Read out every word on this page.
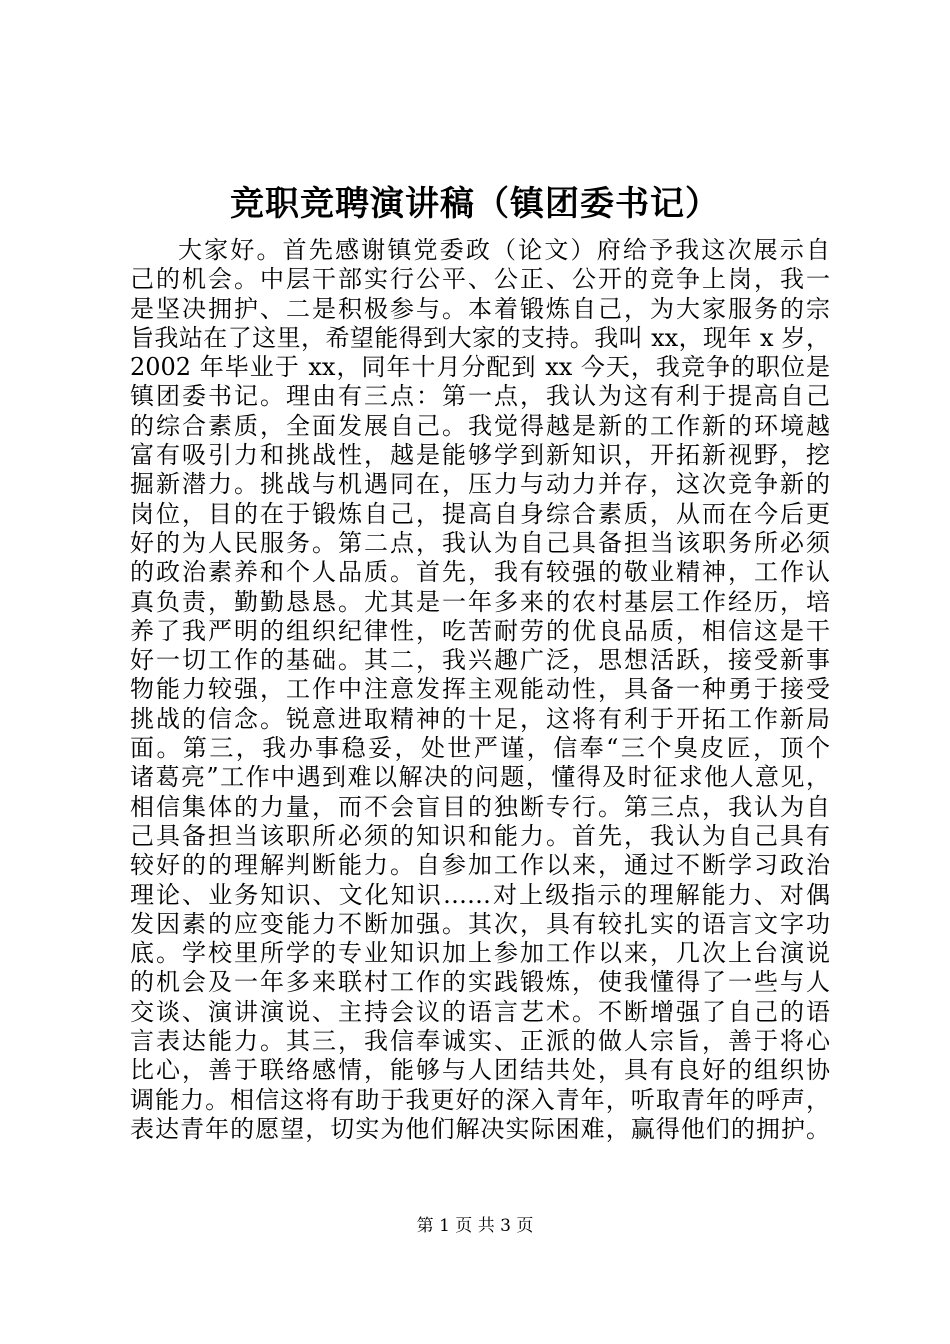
竞职竞聘演讲稿（镇团委书记）
大家好。首先感谢镇党委政（论文）府给予我这次展示自
己的机会。中层干部实行公平、公正、公开的竞争上岗，我一
是坚决拥护、二是积极参与。本着锻炼自己，为大家服务的宗
旨我站在了这里，希望能得到大家的支持。我叫 xx，现年 x 岁，
2002 年毕业于 xx，同年十月分配到 xx 今天，我竞争的职位是
镇团委书记。理由有三点：第一点，我认为这有利于提高自己
的综合素质，全面发展自己。我觉得越是新的工作新的环境越
富有吸引力和挑战性，越是能够学到新知识，开拓新视野，挖
掘新潜力。挑战与机遇同在，压力与动力并存，这次竞争新的
岗位，目的在于锻炼自己，提高自身综合素质，从而在今后更
好的为人民服务。第二点，我认为自己具备担当该职务所必须
的政治素养和个人品质。首先，我有较强的敬业精神，工作认
真负责，勤勤恳恳。尤其是一年多来的农村基层工作经历，培
养了我严明的组织纪律性，吃苦耐劳的优良品质，相信这是干
好一切工作的基础。其二，我兴趣广泛，思想活跃，接受新事
物能力较强，工作中注意发挥主观能动性，具备一种勇于接受
挑战的信念。锐意进取精神的十足，这将有利于开拓工作新局
面。第三，我办事稳妥，处世严谨，信奉“三个臭皮匠，顶个
诸葛亮”工作中遇到难以解决的问题，懂得及时征求他人意见，
相信集体的力量，而不会盲目的独断专行。第三点，我认为自
己具备担当该职所必须的知识和能力。首先，我认为自己具有
较好的的理解判断能力。自参加工作以来，通过不断学习政治
理论、业务知识、文化知识……对上级指示的理解能力、对偶
发因素的应变能力不断加强。其次，具有较扎实的语言文字功
底。学校里所学的专业知识加上参加工作以来，几次上台演说
的机会及一年多来联村工作的实践锻炼，使我懂得了一些与人
交谈、演讲演说、主持会议的语言艺术。不断增强了自己的语
言表达能力。其三，我信奉诚实、正派的做人宗旨，善于将心
比心，善于联络感情，能够与人团结共处，具有良好的组织协
调能力。相信这将有助于我更好的深入青年，听取青年的呼声，
表达青年的愿望，切实为他们解决实际困难，赢得他们的拥护。
第 1 页 共 3 页
